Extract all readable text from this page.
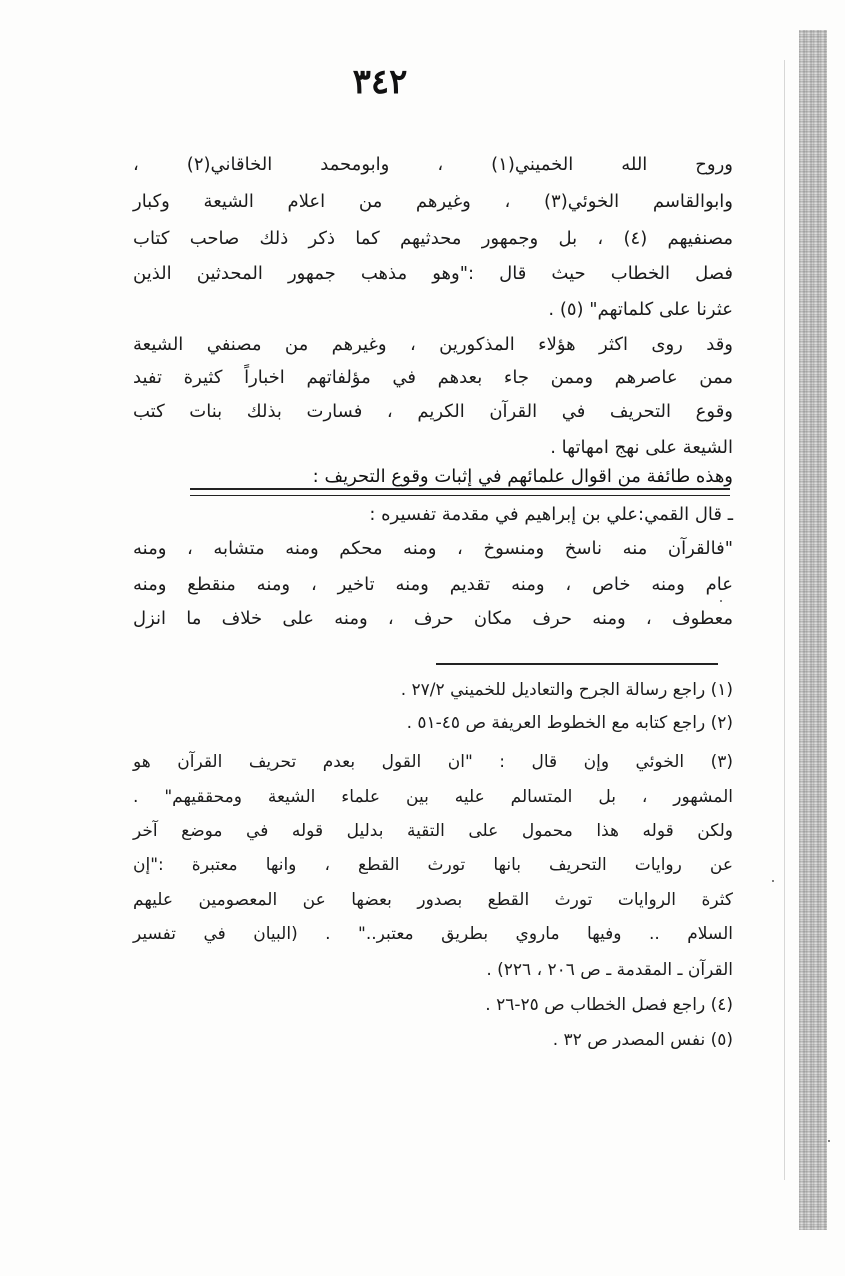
٣٤٢
وروح الله الخميني(١) ، وابومحمد الخاقاني(٢) ،
وابوالقاسم الخوئي(٣) ، وغيرهم من اعلام الشيعة وكبار
مصنفيهم (٤) ، بل وجمهور محدثيهم كما ذكر ذلك صاحب كتاب
فصل الخطاب حيث قال :"وهو مذهب جمهور المحدثين الذين
عثرنا على كلماتهم" (٥) .
وقد روى اكثر هؤلاء المذكورين ، وغيرهم من مصنفي الشيعة
ممن عاصرهم وممن جاء بعدهم في مؤلفاتهم اخباراً كثيرة تفيد
وقوع التحريف في القرآن الكريم ، فسارت بذلك بنات كتب
الشيعة على نهج امهاتها .
وهذه طائفة من اقوال علمائهم في إثبات وقوع التحريف :
ـ قال القمي:علي بن إبراهيم في مقدمة تفسيره :
"فالقرآن منه ناسخ ومنسوخ ، ومنه محكم ومنه متشابه ، ومنه
عام ومنه خاص ، ومنه تقديم ومنه تاخير ، ومنه منقطع ومنه
معطوف ، ومنه حرف مكان حرف ، ومنه على خلاف ما انزل
(١) راجع رسالة الجرح والتعاديل للخميني ٢٧/٢ .
(٢) راجع كتابه مع الخطوط العريفة ص ٤٥-٥١ .
(٣) الخوئي وإن قال : "ان القول بعدم تحريف القرآن هو
المشهور ، بل المتسالم عليه بين علماء الشيعة ومحققيهم" .
ولكن قوله هذا محمول على التقية بدليل قوله في موضع آخر
عن روايات التحريف بانها تورث القطع ، وانها معتبرة :"إن
كثرة الروايات تورث القطع بصدور بعضها عن المعصومين عليهم
السلام .. وفيها ماروي بطريق معتبر.." . (البيان في تفسير
القرآن ـ المقدمة ـ ص ٢٠٦ ، ٢٢٦) .
(٤) راجع فصل الخطاب ص ٢٥-٢٦ .
(٥) نفس المصدر ص ٣٢ .
